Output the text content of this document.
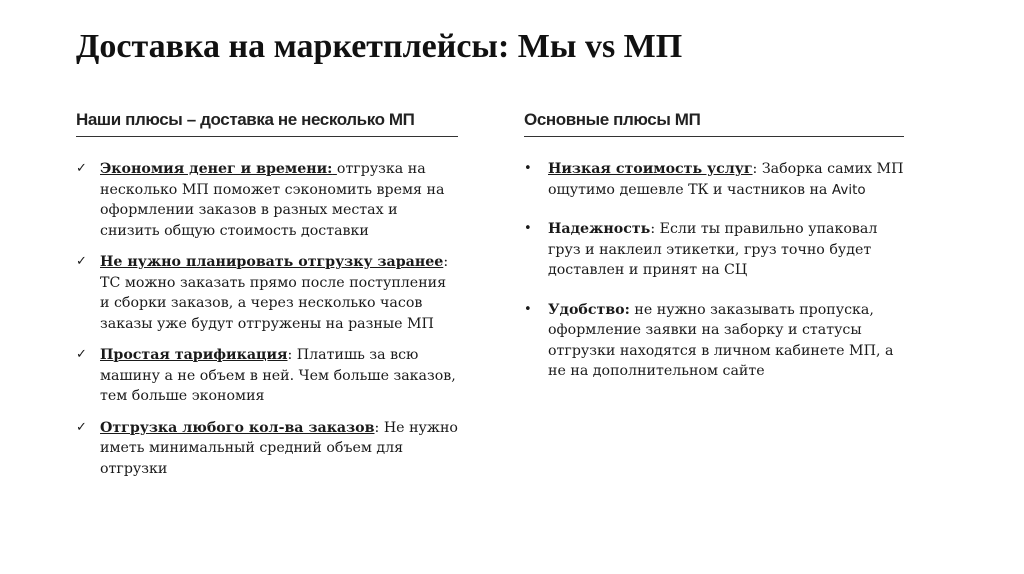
Доставка на маркетплейсы: Мы vs МП
Наши плюсы – доставка не несколько МП
✓ Экономия денег и времени: отгрузка на несколько МП поможет сэкономить время на оформлении заказов в разных местах и снизить общую стоимость доставки
✓ Не нужно планировать отгрузку заранее: ТС можно заказать прямо после поступления и сборки заказов, а через несколько часов заказы уже будут отгружены на разные МП
✓ Простая тарификация: Платишь за всю машину а не объем в ней. Чем больше заказов, тем больше экономия
✓ Отгрузка любого кол-ва заказов: Не нужно иметь минимальный средний объем для отгрузки
Основные плюсы МП
•	Низкая стоимость услуг: Заборка самих МП ощутимо дешевле ТК и частников на Avito
•	Надежность: Если ты правильно упаковал груз и наклеил этикетки, груз точно будет доставлен и принят на СЦ
•	Удобство: не нужно заказывать пропуска, оформление заявки на заборку и статусы отгрузки находятся в личном кабинете МП, а не на дополнительном сайте
